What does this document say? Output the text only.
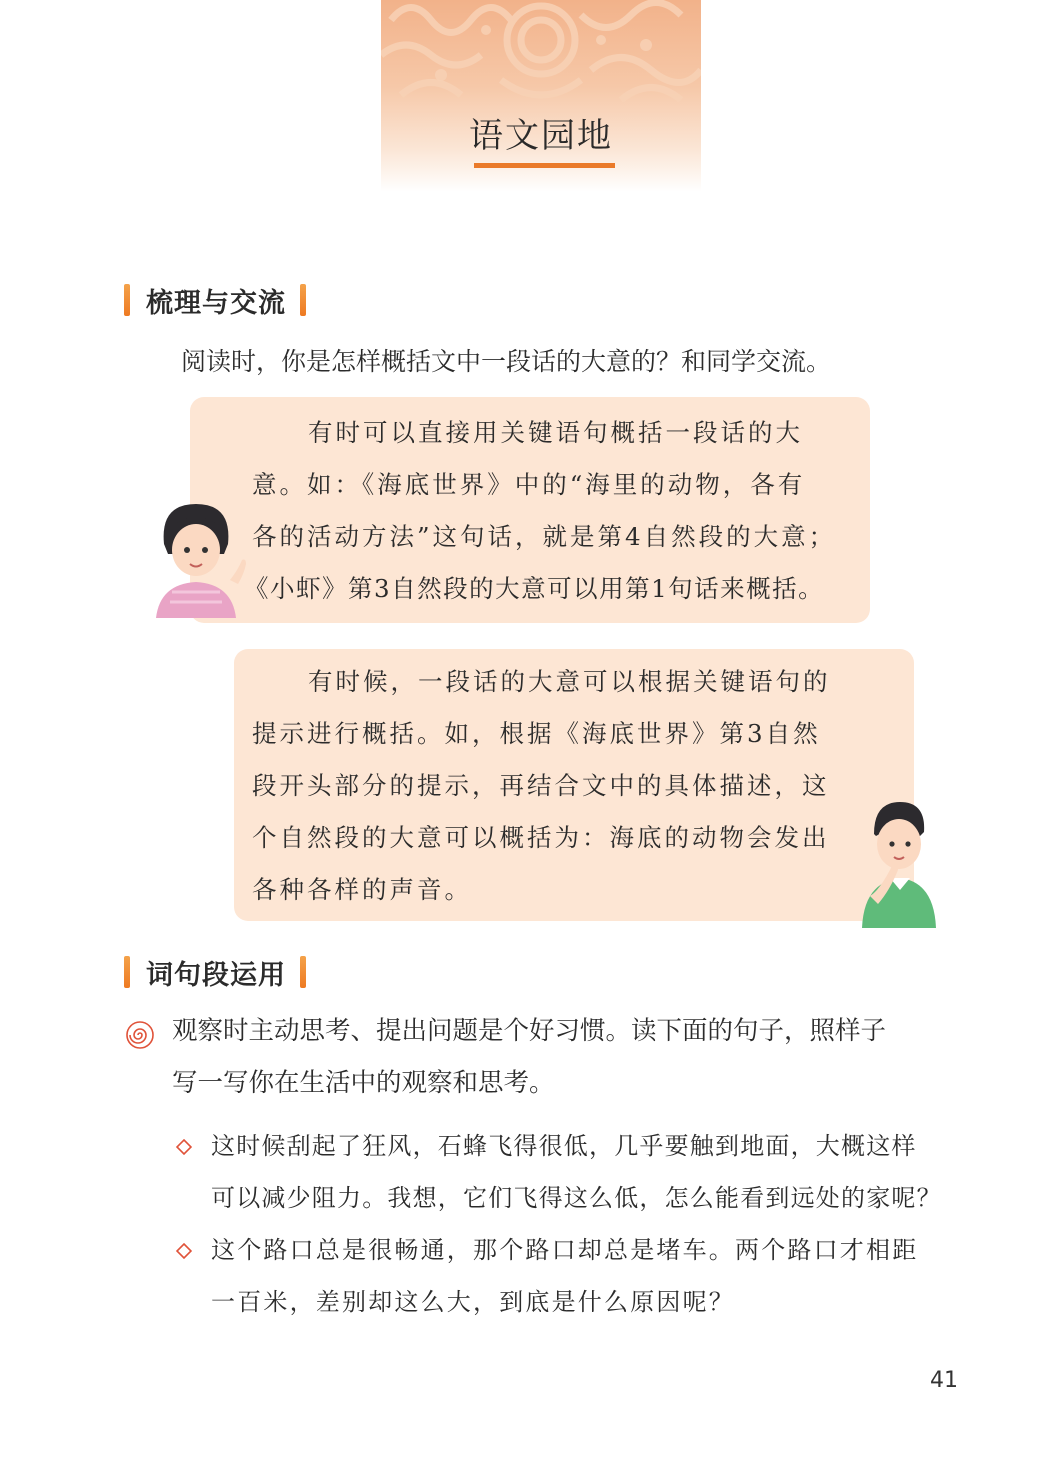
语文园地
梳理与交流
阅读时，你是怎样概括文中一段话的大意的？和同学交流。
有时可以直接用关键语句概括一段话的大
意。如：《海底世界》中的“海里的动物，各有
各的活动方法”这句话，就是第4自然段的大意；
《小虾》第3自然段的大意可以用第1句话来概括。
有时候，一段话的大意可以根据关键语句的
提示进行概括。如，根据《海底世界》第3自然
段开头部分的提示，再结合文中的具体描述，这
个自然段的大意可以概括为：海底的动物会发出
各种各样的声音。
词句段运用
观察时主动思考、提出问题是个好习惯。读下面的句子，照样子
写一写你在生活中的观察和思考。
这时候刮起了狂风，石蜂飞得很低，几乎要触到地面，大概这样
可以减少阻力。我想，它们飞得这么低，怎么能看到远处的家呢？
这个路口总是很畅通，那个路口却总是堵车。两个路口才相距
一百米，差别却这么大，到底是什么原因呢？
41
